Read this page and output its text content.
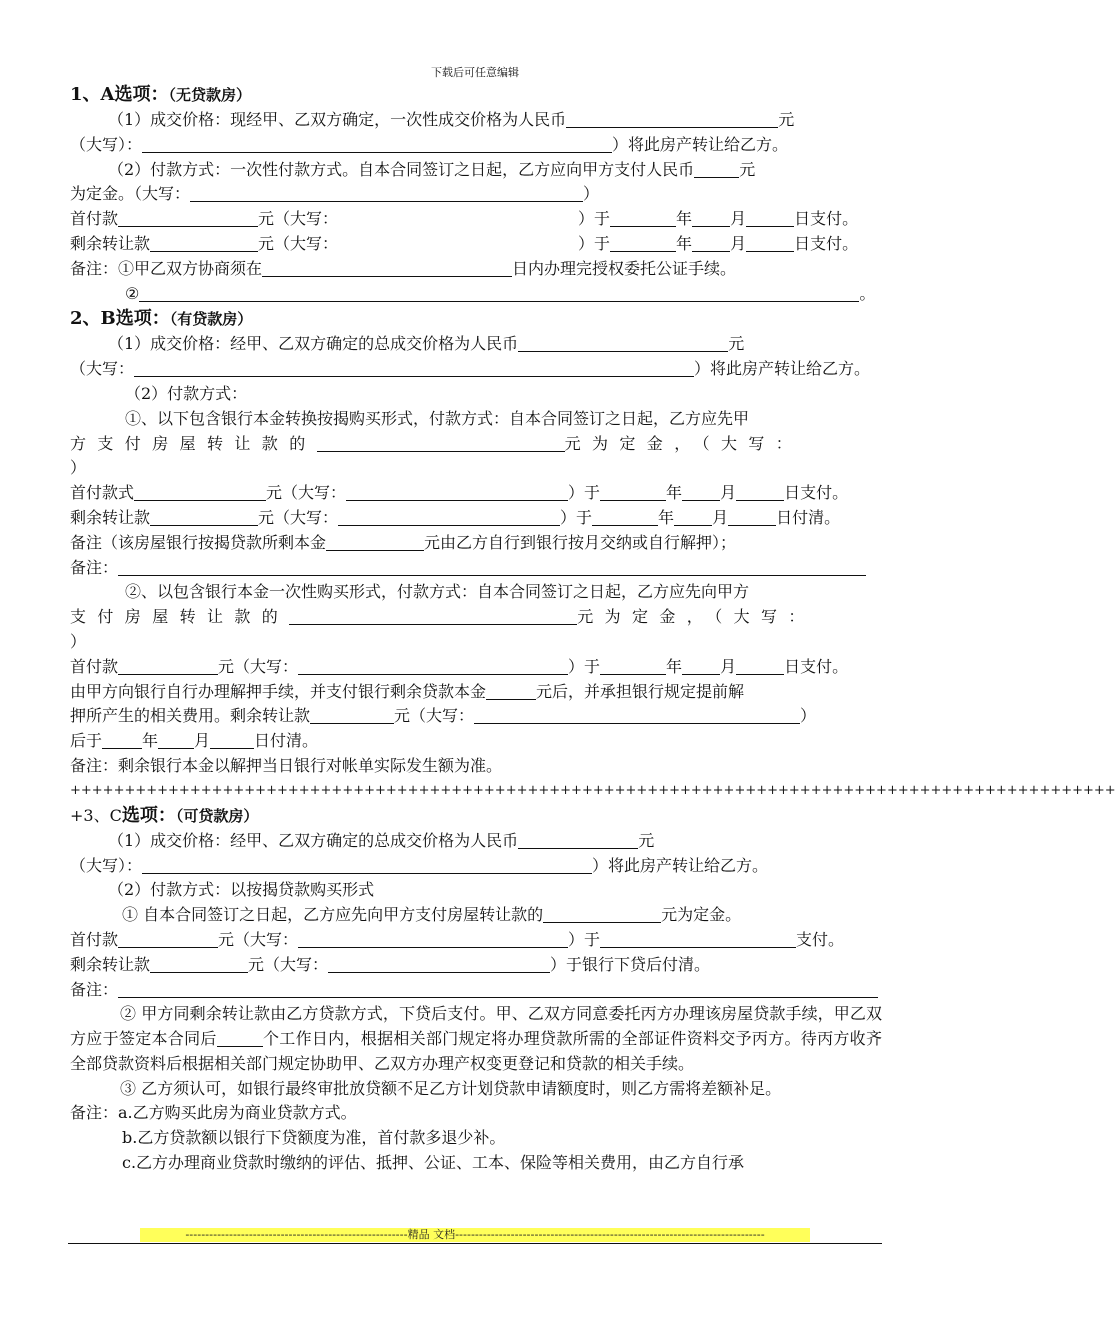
下载后可任意编辑
1、A选项：（无贷款房）
（1）成交价格：现经甲、乙双方确定，一次性成交价格为人民币	元
（大写）：	）将此房产转让给乙方。
（2）付款方式：一次性付款方式。自本合同签订之日起，乙方应向甲方支付人民币	元
为定金。（大写：	）
首付款	元（大写：	）于	年 月	日支付。
剩余转让款	元（大写：	）于	年 月	日支付。
备注：①甲乙双方协商须在	日内办理完授权委托公证手续。
②	。
2、B选项：（有贷款房）
（1）成交价格：经甲、乙双方确定的总成交价格为人民币	元
（大写：	）将此房产转让给乙方。
（2）付款方式：
①、以下包含银行本金转换按揭购买形式，付款方式：自本合同签订之日起，乙方应先甲
方支付房屋转让款的	元为定金，（大写：
）
首付款式	元（大写：	）于	年 月	日支付。
剩余转让款	元（大写：	）于	年 月	日付清。
备注（该房屋银行按揭贷款所剩本金	元由乙方自行到银行按月交纳或自行解押）；
备注：
②、以包含银行本金一次性购买形式，付款方式：自本合同签订之日起，乙方应先向甲方
支付房屋转让款的	元为定金，（大写：
）
首付款	元（大写：	）于	年 月	日支付。
由甲方向银行自行办理解押手续，并支付银行剩余贷款本金	元后，并承担银行规定提前解
押所产生的相关费用。剩余转让款	元（大写：	）
后于	年 月	日付清。
备注：剩余银行本金以解押当日银行对帐单实际发生额为准。
++++++++++++++++++++++++++++++++++++++++++++++++++++++++++++++++++++++++++++++++++++++++++++++++
+3、C选项：（可贷款房）
（1）成交价格：经甲、乙双方确定的总成交价格为人民币	元
（大写）：	）将此房产转让给乙方。
（2）付款方式：以按揭贷款购买形式
① 自本合同签订之日起，乙方应先向甲方支付房屋转让款的	元为定金。
首付款	元（大写：	）于	支付。
剩余转让款	元（大写：	）于银行下贷后付清。
备注：
② 甲方同剩余转让款由乙方贷款方式，下贷后支付。甲、乙双方同意委托丙方办理该房屋贷款手续，甲乙双方应于签定本合同后	个工作日内，根据相关部门规定将办理贷款所需的全部证件资料交予丙方。待丙方收齐全部贷款资料后根据相关部门规定协助甲、乙双方办理产权变更登记和贷款的相关手续。
③ 乙方须认可，如银行最终审批放贷额不足乙方计划贷款申请额度时，则乙方需将差额补足。
备注：a.乙方购买此房为商业贷款方式。
b.乙方贷款额以银行下贷额度为准，首付款多退少补。
c.乙方办理商业贷款时缴纳的评估、抵押、公证、工本、保险等相关费用，由乙方自行承
--------------------------------------------------------精品 文档------------------------------------------------------------------------------
